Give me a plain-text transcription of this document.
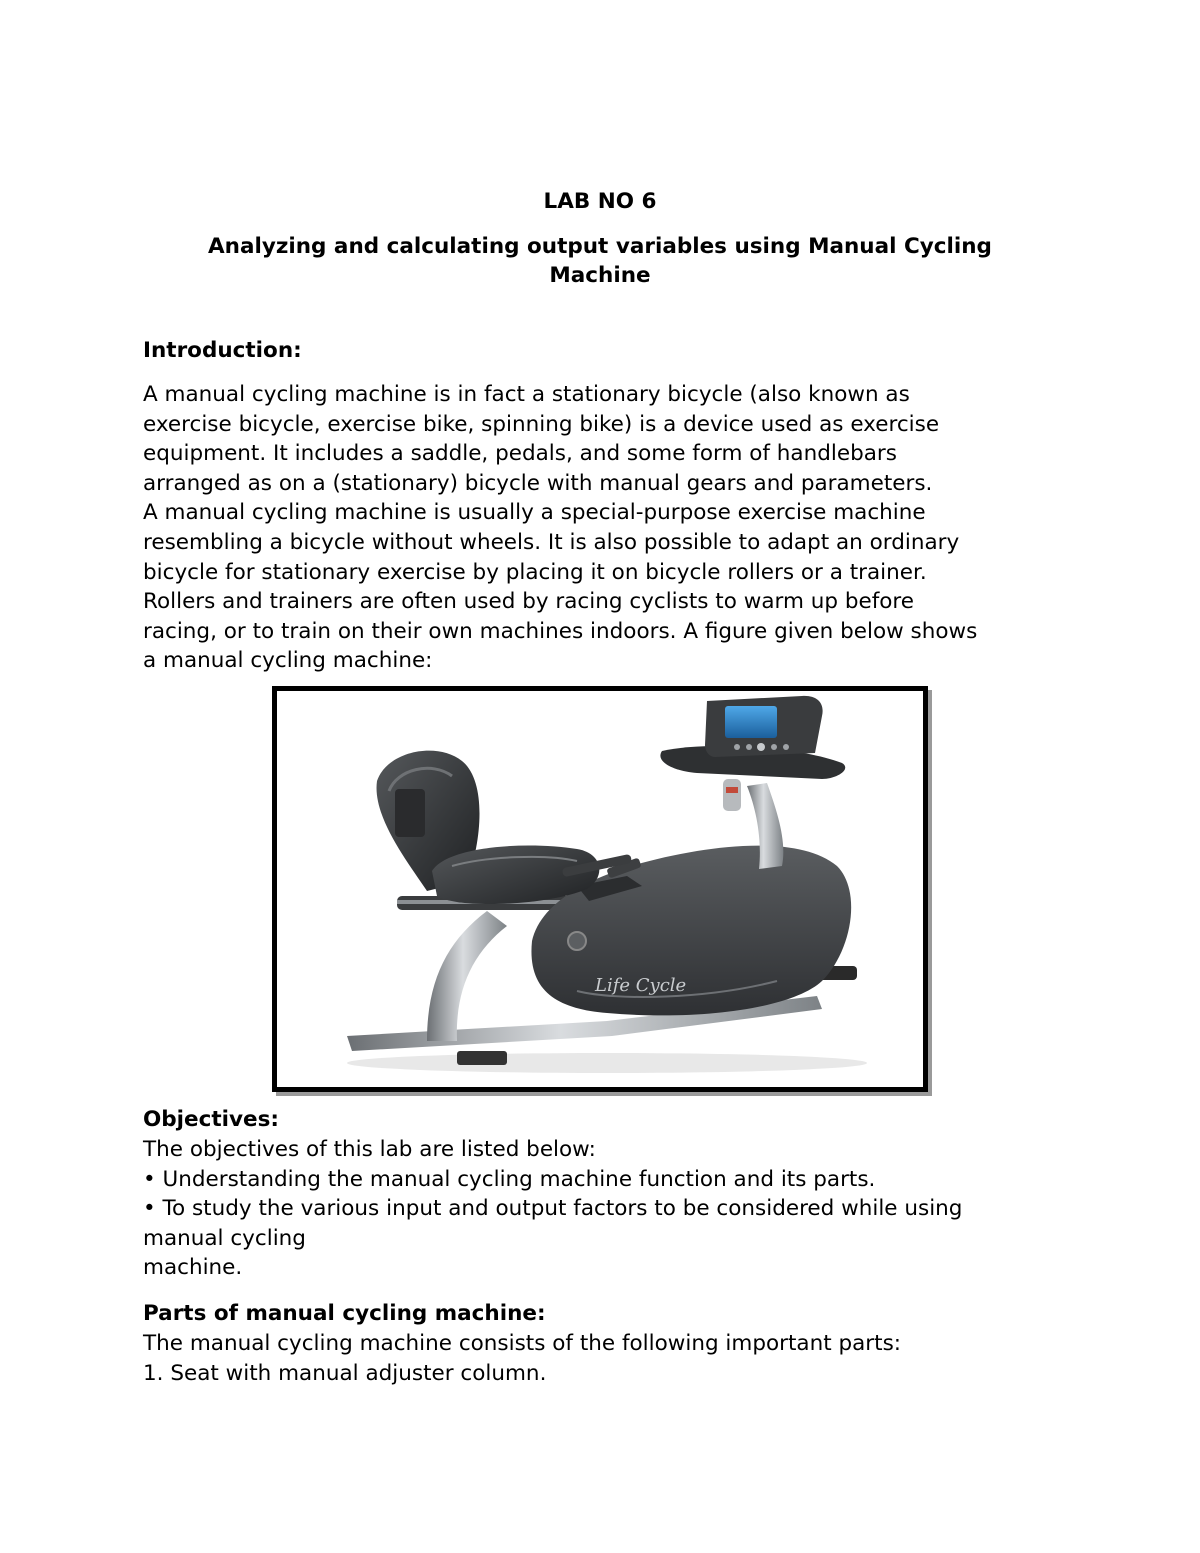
LAB NO 6

Analyzing and calculating output variables using Manual Cycling

Machine

Introduction:

A manual cycling machine is in fact a stationary bicycle (also known as
exercise bicycle, exercise bike, spinning bike) is a device used as exercise
equipment. It includes a saddle, pedals, and some form of handlebars
arranged as on a (stationary) bicycle with manual gears and parameters.
A manual cycling machine is usually a special-purpose exercise machine
resembling a bicycle without wheels. It is also possible to adapt an ordinary
bicycle for stationary exercise by placing it on bicycle rollers or a trainer.
Rollers and trainers are often used by racing cyclists to warm up before
racing, or to train on their own machines indoors. A figure given below shows
a manual cycling machine:
Life Cycle

Objectives:

The objectives of this lab are listed below:
• Understanding the manual cycling machine function and its parts.
• To study the various input and output factors to be considered while using
manual cycling
machine.

Parts of manual cycling machine:

The manual cycling machine consists of the following important parts:
1. Seat with manual adjuster column.
